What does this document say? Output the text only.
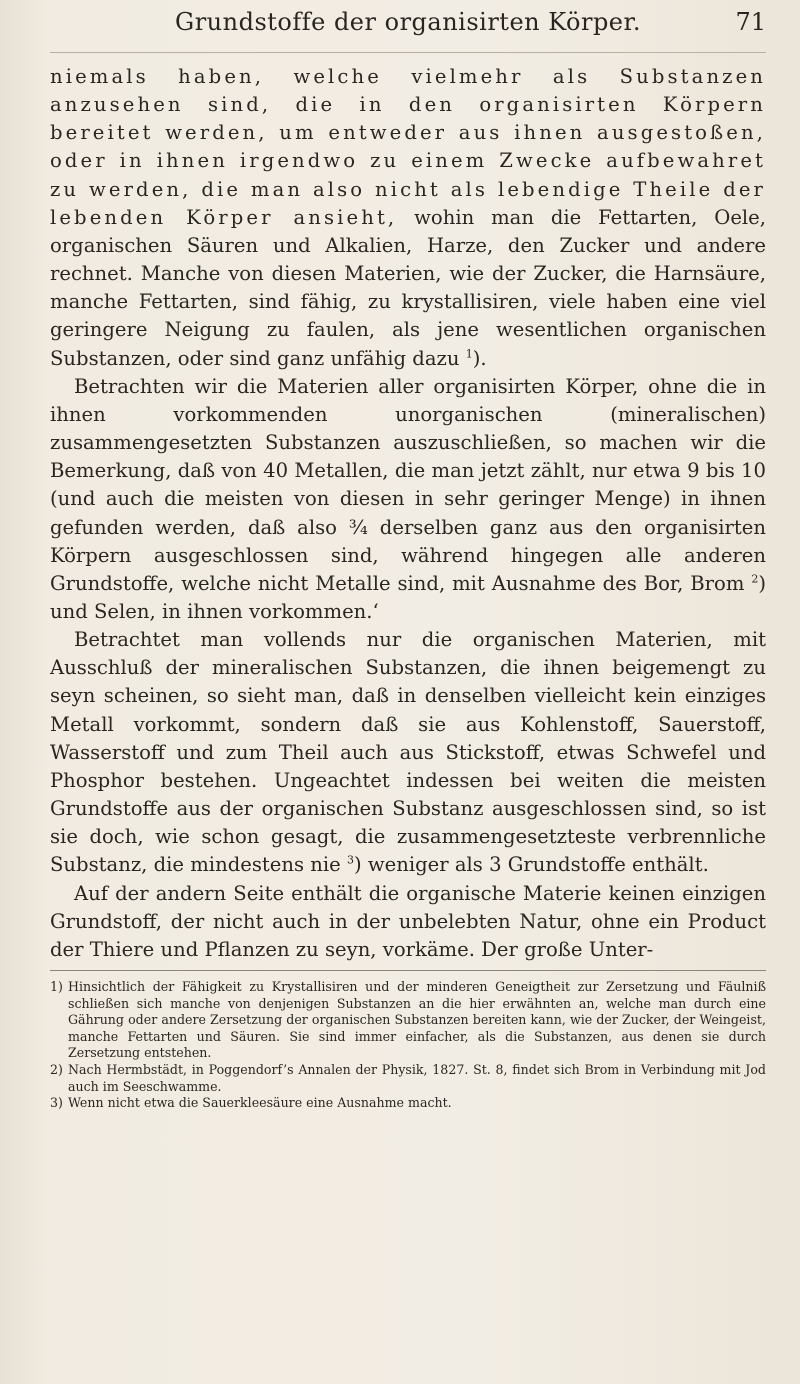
Grundstoffe der organisirten Körper.	71

niemals haben, welche vielmehr als Substanzen anzusehen sind, die in den organisirten Körpern bereitet werden, um entweder aus ihnen ausgestoßen, oder in ihnen irgendwo zu einem Zwecke aufbewahret zu werden, die man also nicht als lebendige Theile der lebenden Körper ansieht, wohin man die Fettarten, Oele, organischen Säuren und Alkalien, Harze, den Zucker und andere rechnet. Manche von diesen Materien, wie der Zucker, die Harnsäure, manche Fettarten, sind fähig, zu krystallisiren, viele haben eine viel geringere Neigung zu faulen, als jene wesentlichen organischen Substanzen, oder sind ganz unfähig dazu $^1$).

Betrachten wir die Materien aller organisirten Körper, ohne die in ihnen vorkommenden unorganischen (mineralischen) zusammengesetzten Substanzen auszuschließen, so machen wir die Bemerkung, daß von 40 Metallen, die man jetzt zählt, nur etwa 9 bis 10 (und auch die meisten von diesen in sehr geringer Menge) in ihnen gefunden werden, daß also ¾ derselben ganz aus den organisirten Körpern ausgeschlossen sind, während hingegen alle anderen Grundstoffe, welche nicht Metalle sind, mit Ausnahme des Bor, Brom $^2$) und Selen, in ihnen vorkommen.‘

Betrachtet man vollends nur die organischen Materien, mit Ausschluß der mineralischen Substanzen, die ihnen beigemengt zu seyn scheinen, so sieht man, daß in denselben vielleicht kein einziges Metall vorkommt, sondern daß sie aus Kohlenstoff, Sauerstoff, Wasserstoff und zum Theil auch aus Stickstoff, etwas Schwefel und Phosphor bestehen. Ungeachtet indessen bei weiten die meisten Grundstoffe aus der organischen Substanz ausgeschlossen sind, so ist sie doch, wie schon gesagt, die zusammengesetzteste verbrennliche Substanz, die mindestens nie $^3$) weniger als 3 Grundstoffe enthält.

Auf der andern Seite enthält die organische Materie keinen einzigen Grundstoff, der nicht auch in der unbelebten Natur, ohne ein Product der Thiere und Pflanzen zu seyn, vorkäme. Der große Unter-

1) Hinsichtlich der Fähigkeit zu Krystallisiren und der minderen Geneigtheit zur Zersetzung und Fäulniß schließen sich manche von denjenigen Substanzen an die hier erwähnten an, welche man durch eine Gährung oder andere Zersetzung der organischen Substanzen bereiten kann, wie der Zucker, der Weingeist, manche Fettarten und Säuren. Sie sind immer einfacher, als die Substanzen, aus denen sie durch Zersetzung entstehen.

2) Nach Hermbstädt, in Poggendorf’s Annalen der Physik, 1827. St. 8, findet sich Brom in Verbindung mit Jod auch im Seeschwamme.

3) Wenn nicht etwa die Sauerkleesäure eine Ausnahme macht.
